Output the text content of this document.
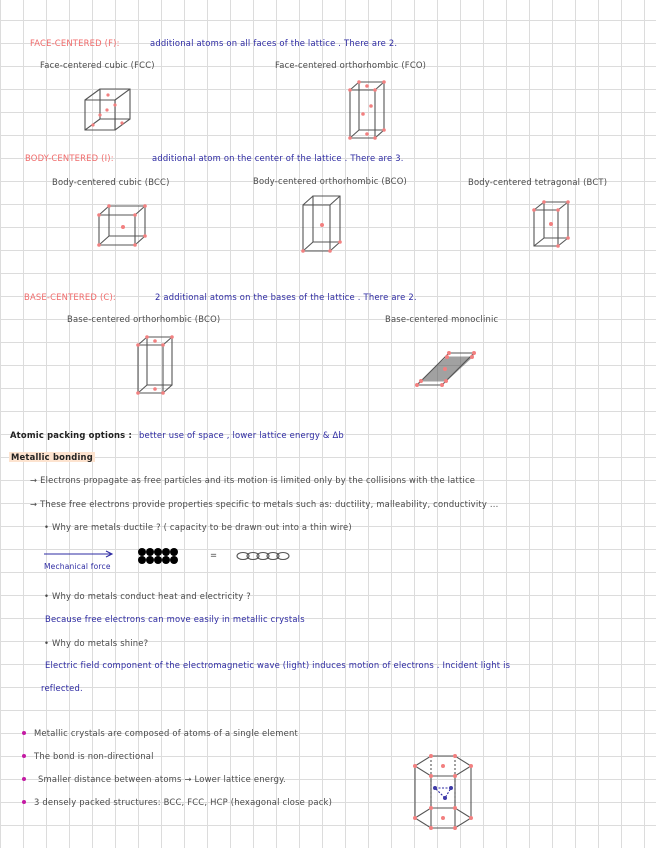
FACE-CENTERED (F):	additional atoms on all faces of the lattice . There are 2.
Face-centered cubic (FCC)	Face-centered orthorhombic (FCO)
BODY-CENTERED (I):	additional atom on the center of the lattice . There are 3.
Body-centered cubic (BCC)	Body-centered orthorhombic (BCO)	Body-centered tetragonal (BCT)
BASE-CENTERED (C):	2 additional atoms on the bases of the lattice . There are 2.
Base-centered orthorhombic (BCO)	Base-centered monoclinic
Atomic packing options : better use of space , lower lattice energy & Δb
Metallic bonding
→ Electrons propagate as free particles and its motion is limited only by the collisions with the lattice
→ These free electrons provide properties specific to metals such as: ductility, malleability, conductivity ...
• Why are metals ductile ? ( capacity to be drawn out into a thin wire)
=
Mechanical force
• Why do metals conduct heat and electricity ?
Because free electrons can move easily in metallic crystals
• Why do metals shine?
Electric field component of the electromagnetic wave (light) induces motion of electrons . Incident light is
reflected.
Metallic crystals are composed of atoms of a single element
The bond is non-directional
Smaller distance between atoms → Lower lattice energy.
3 densely packed structures: BCC, FCC, HCP (hexagonal close pack)
